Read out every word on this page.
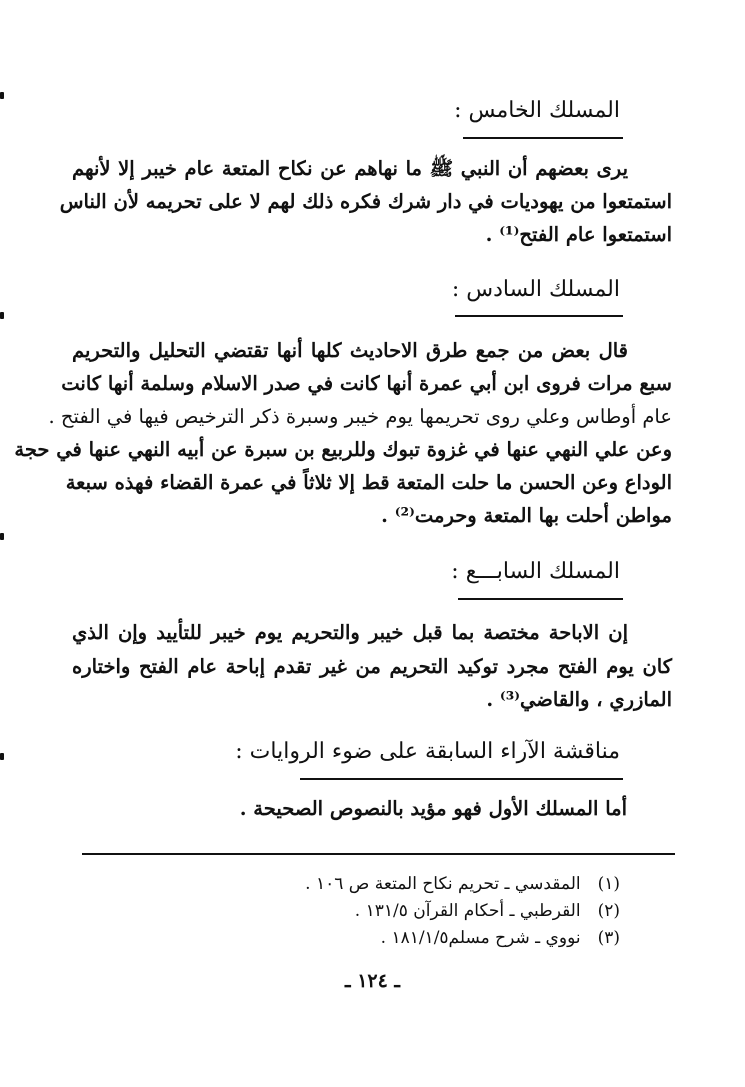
المسلك الخامس :
يرى بعضهم أن النبي ﷺ ما نهاهم عن نكاح المتعة عام خيبر إلا لأنهم
استمتعوا من يهوديات في دار شرك فكره ذلك لهم لا على تحريمه لأن الناس
استمتعوا عام الفتح⁽¹⁾ .
المسلك السادس :
قال بعض من جمع طرق الاحاديث كلها أنها تقتضي التحليل والتحريم
سبع مرات فروى ابن أبي عمرة أنها كانت في صدر الاسلام وسلمة أنها كانت
عام أوطاس وعلي روى تحريمها يوم خيبر وسبرة ذكر الترخيص فيها في الفتح .
وعن علي النهي عنها في غزوة تبوك وللربيع بن سبرة عن أبيه النهي عنها في حجة
الوداع وعن الحسن ما حلت المتعة قط إلا ثلاثاً في عمرة القضاء فهذه سبعة
مواطن أحلت بها المتعة وحرمت⁽²⁾ .
المسلك السابـــع :
إن الاباحة مختصة بما قبل خيبر والتحريم يوم خيبر للتأييد وإن الذي
كان يوم الفتح مجرد توكيد التحريم من غير تقدم إباحة عام الفتح واختاره
المازري ، والقاضي⁽³⁾ .
مناقشة الآراء السابقة على ضوء الروايات :
أما المسلك الأول فهو مؤيد بالنصوص الصحيحة .
(١) المقدسي ـ تحريم نكاح المتعة ص ١٠٦ .
(٢) القرطبي ـ أحكام القرآن ١٣١/٥ .
(٣) نووي ـ شرح مسلم١٨١/١/٥ .
ـ ١٢٤ ـ
